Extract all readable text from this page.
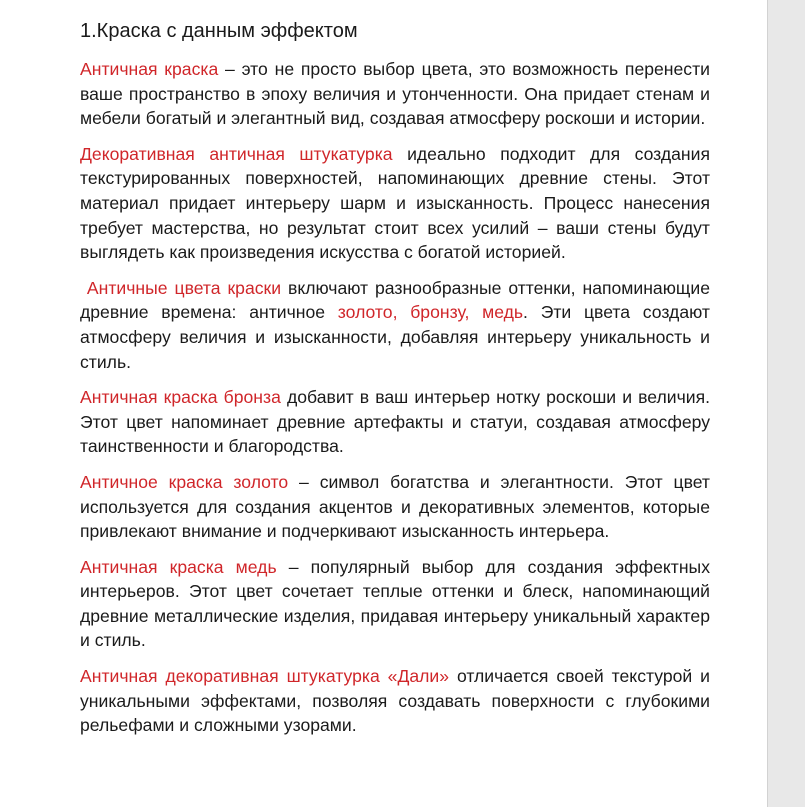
1.Краска с данным эффектом

Античная краска – это не просто выбор цвета, это возможность перенести ваше пространство в эпоху величия и утонченности. Она придает стенам и мебели богатый и элегантный вид, создавая атмосферу роскоши и истории.

Декоративная античная штукатурка идеально подходит для создания текстурированных поверхностей, напоминающих древние стены. Этот материал придает интерьеру шарм и изысканность. Процесс нанесения требует мастерства, но результат стоит всех усилий – ваши стены будут выглядеть как произведения искусства с богатой историей.

Античные цвета краски включают разнообразные оттенки, напоминающие древние времена: античное золото, бронзу, медь. Эти цвета создают атмосферу величия и изысканности, добавляя интерьеру уникальность и стиль.

Античная краска бронза добавит в ваш интерьер нотку роскоши и величия. Этот цвет напоминает древние артефакты и статуи, создавая атмосферу таинственности и благородства.

Античное краска золото – символ богатства и элегантности. Этот цвет используется для создания акцентов и декоративных элементов, которые привлекают внимание и подчеркивают изысканность интерьера.

Античная краска медь – популярный выбор для создания эффектных интерьеров. Этот цвет сочетает теплые оттенки и блеск, напоминающий древние металлические изделия, придавая интерьеру уникальный характер и стиль.

Античная декоративная штукатурка «Дали» отличается своей текстурой и уникальными эффектами, позволяя создавать поверхности с глубокими рельефами и сложными узорами.
